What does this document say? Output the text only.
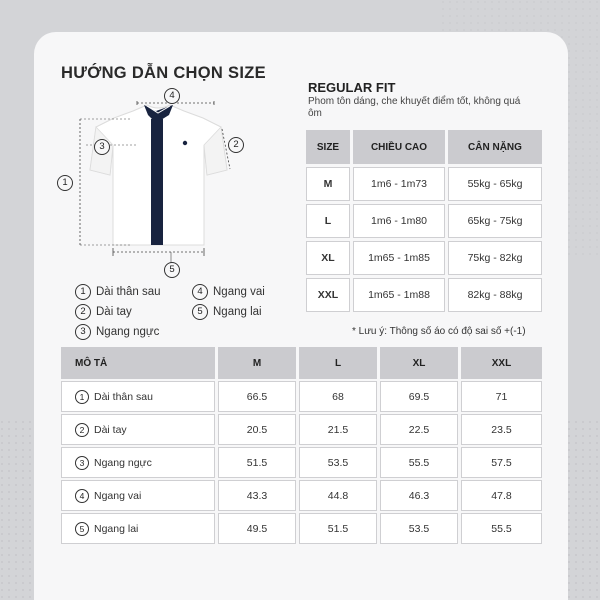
HƯỚNG DẪN CHỌN SIZE
4
2
3
1
5
1 Dài thân sau
2 Dài tay
3 Ngang ngực
4 Ngang vai
5 Ngang lai
REGULAR FIT
Phom tôn dáng, che khuyết điểm tốt, không quá ôm
SIZE	CHIỀU CAO	CÂN NẶNG
M	1m6 - 1m73	55kg - 65kg
L	1m6 - 1m80	65kg - 75kg
XL	1m65 - 1m85	75kg - 82kg
XXL	1m65 - 1m88	82kg - 88kg
* Lưu ý: Thông số áo có độ sai số +(-1)
MÔ TẢ	M	L	XL	XXL
1 Dài thân sau	66.5	68	69.5	71
2 Dài tay	20.5	21.5	22.5	23.5
3 Ngang ngực	51.5	53.5	55.5	57.5
4 Ngang vai	43.3	44.8	46.3	47.8
5 Ngang lai	49.5	51.5	53.5	55.5
